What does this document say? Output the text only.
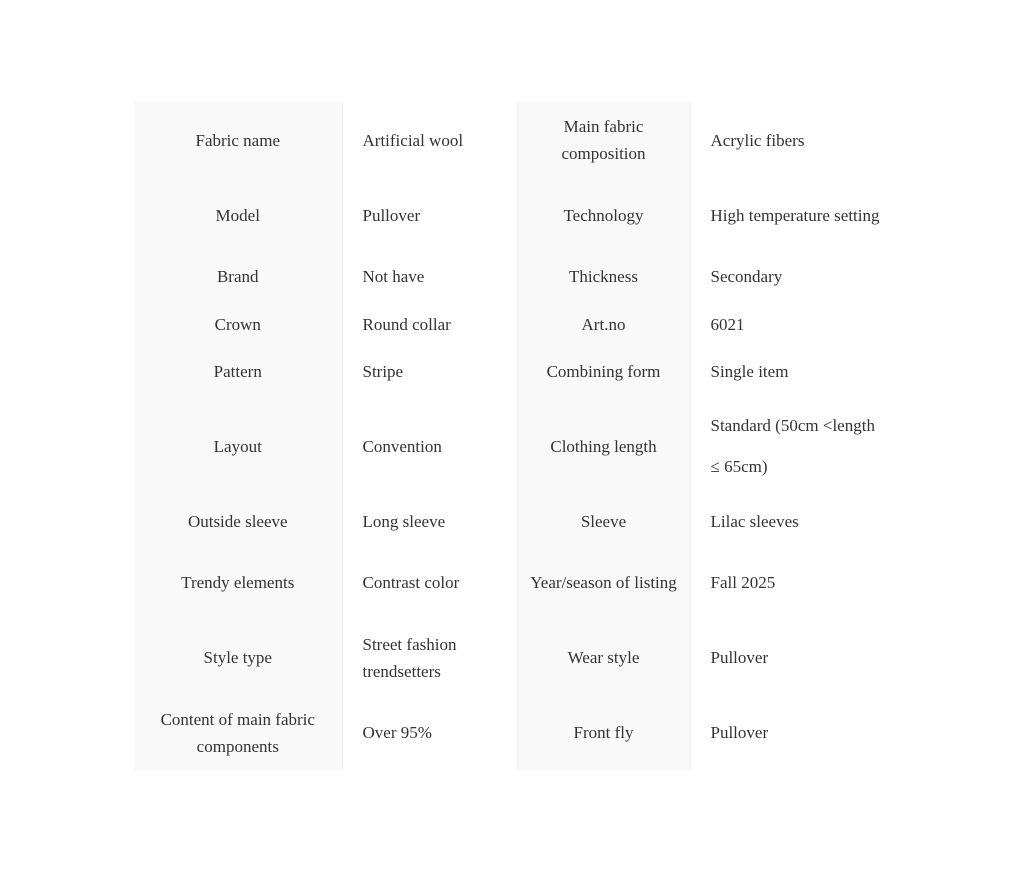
Fabric name	Artificial wool	Main fabric composition	Acrylic fibers
Model	Pullover	Technology	High temperature setting
Brand	Not have	Thickness	Secondary
Crown	Round collar	Art.no	6021
Pattern	Stripe	Combining form	Single item
Layout	Convention	Clothing length	Standard (50cm <length ≤ 65cm)
Outside sleeve	Long sleeve	Sleeve	Lilac sleeves
Trendy elements	Contrast color	Year/season of listing	Fall 2025
Style type	Street fashion trendsetters	Wear style	Pullover
Content of main fabric components	Over 95%	Front fly	Pullover
